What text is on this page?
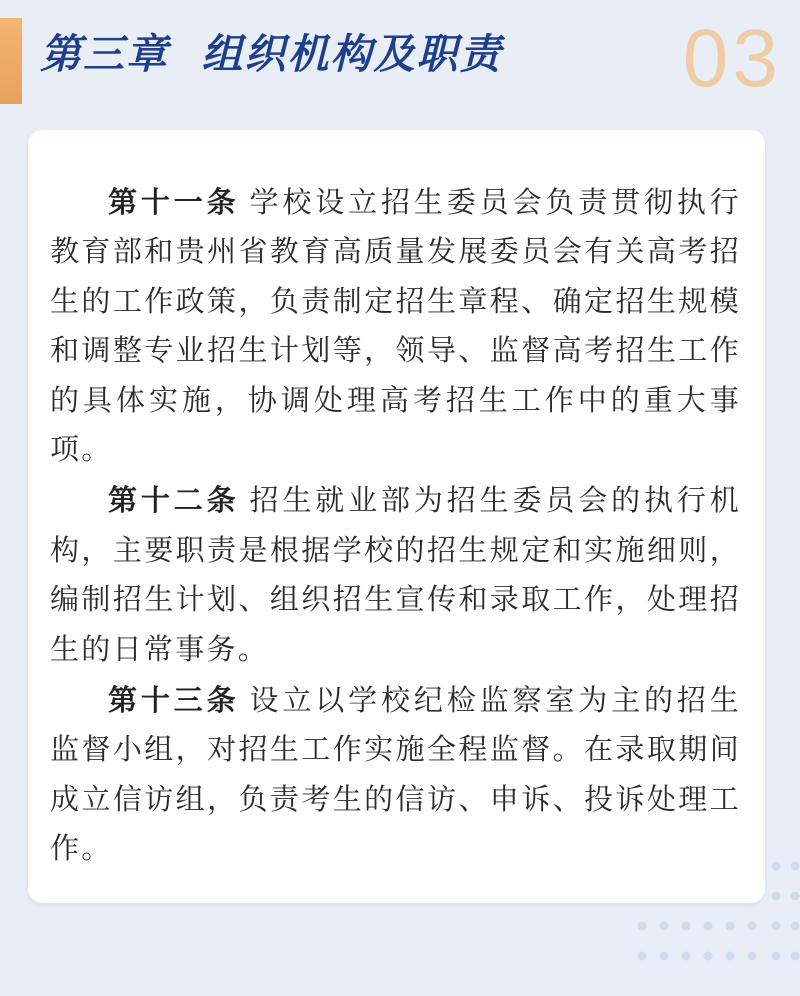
第三章  组织机构及职责 03

第十一条 学校设立招生委员会负责贯彻执行教育部和贵州省教育高质量发展委员会有关高考招生的工作政策，负责制定招生章程、确定招生规模和调整专业招生计划等，领导、监督高考招生工作的具体实施，协调处理高考招生工作中的重大事项。

第十二条 招生就业部为招生委员会的执行机构，主要职责是根据学校的招生规定和实施细则，编制招生计划、组织招生宣传和录取工作，处理招生的日常事务。

第十三条 设立以学校纪检监察室为主的招生监督小组，对招生工作实施全程监督。在录取期间成立信访组，负责考生的信访、申诉、投诉处理工作。
